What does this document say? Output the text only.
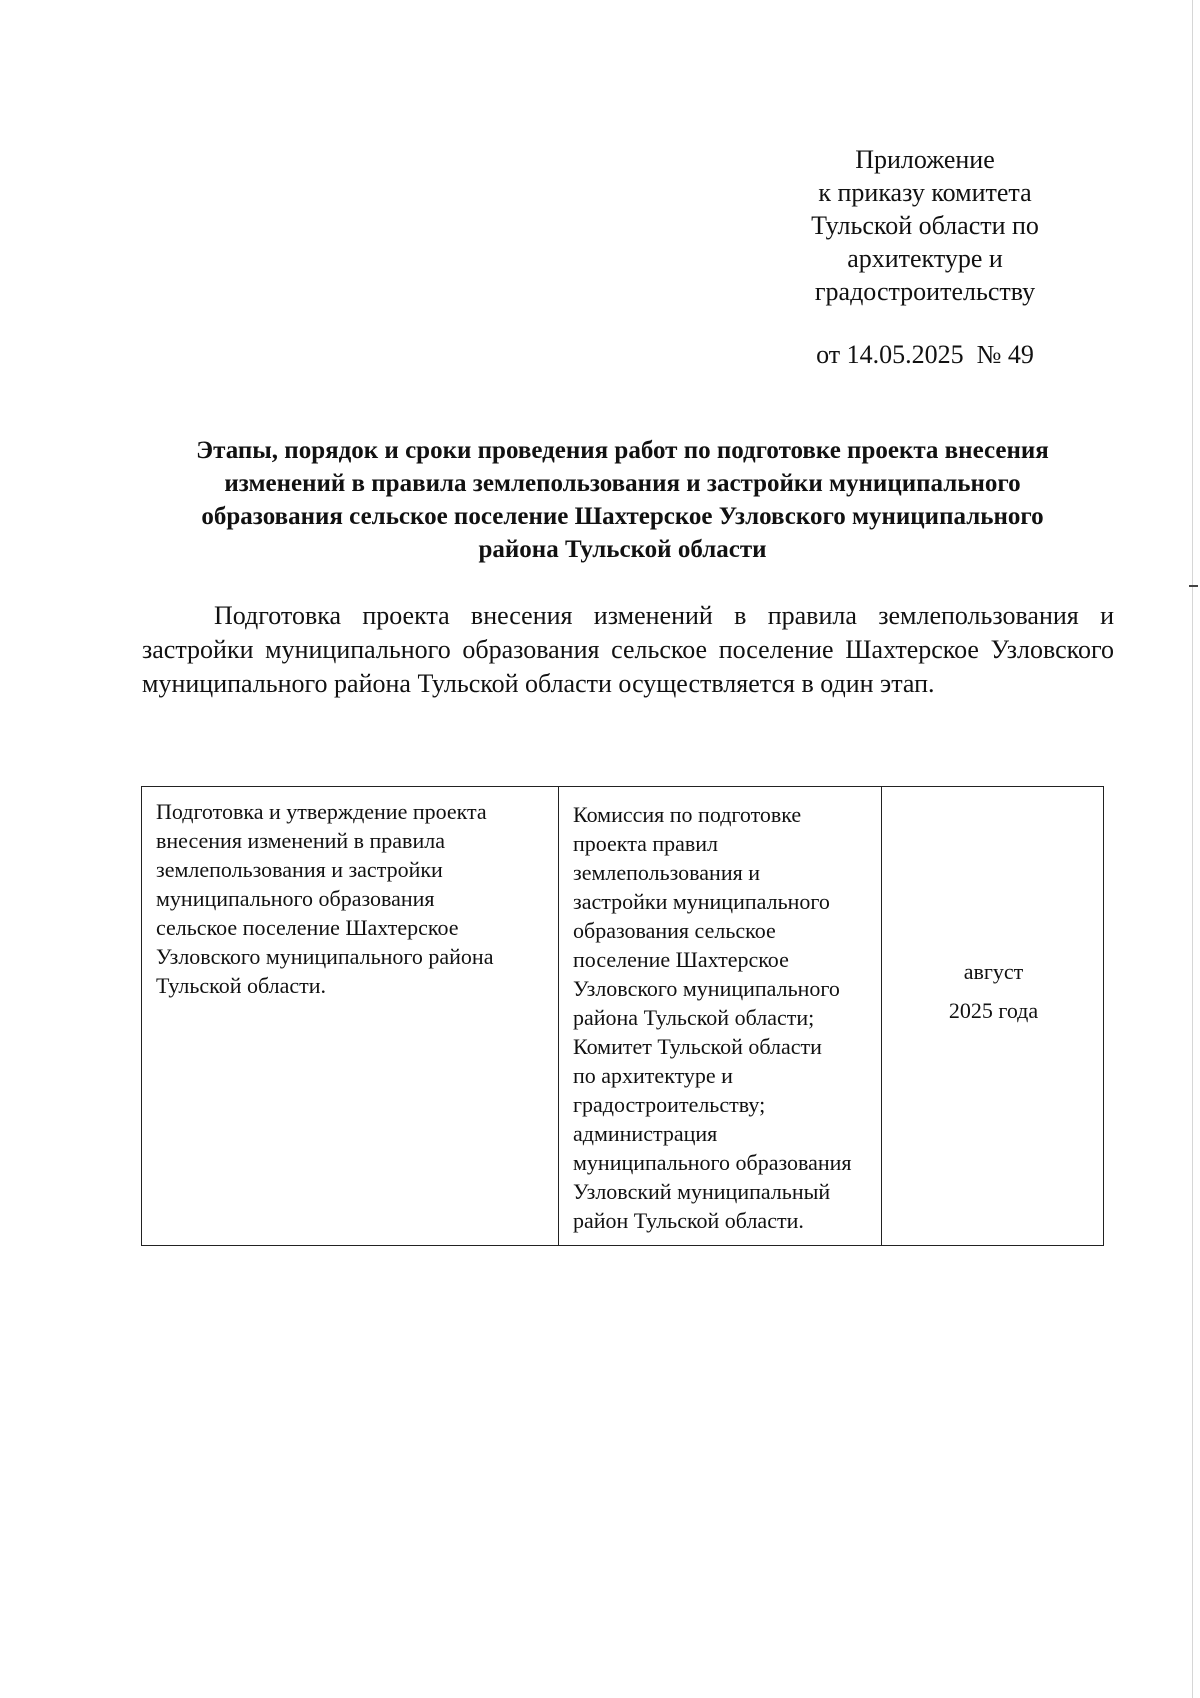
Приложение
к приказу комитета
Тульской области по
архитектуре и
градостроительству
от 14.05.2025  № 49
Этапы, порядок и сроки проведения работ по подготовке проекта внесения
изменений в правила землепользования и застройки муниципального
образования сельское поселение Шахтерское Узловского муниципального
района Тульской области

Подготовка проекта внесения изменений в правила землепользования и застройки муниципального образования сельское поселение Шахтерское Узловского муниципального района Тульской области осуществляется в один этап.

Подготовка и утверждение проекта
внесения изменений в правила
землепользования и застройки
муниципального образования
сельское поселение Шахтерское
Узловского муниципального района
Тульской области.

Комиссия по подготовке
проекта правил
землепользования и
застройки муниципального
образования сельское
поселение Шахтерское
Узловского муниципального
района Тульской области;
Комитет Тульской области
по архитектуре и
градостроительству;
администрация
муниципального образования
Узловский муниципальный
район Тульской области.

август
2025 года
